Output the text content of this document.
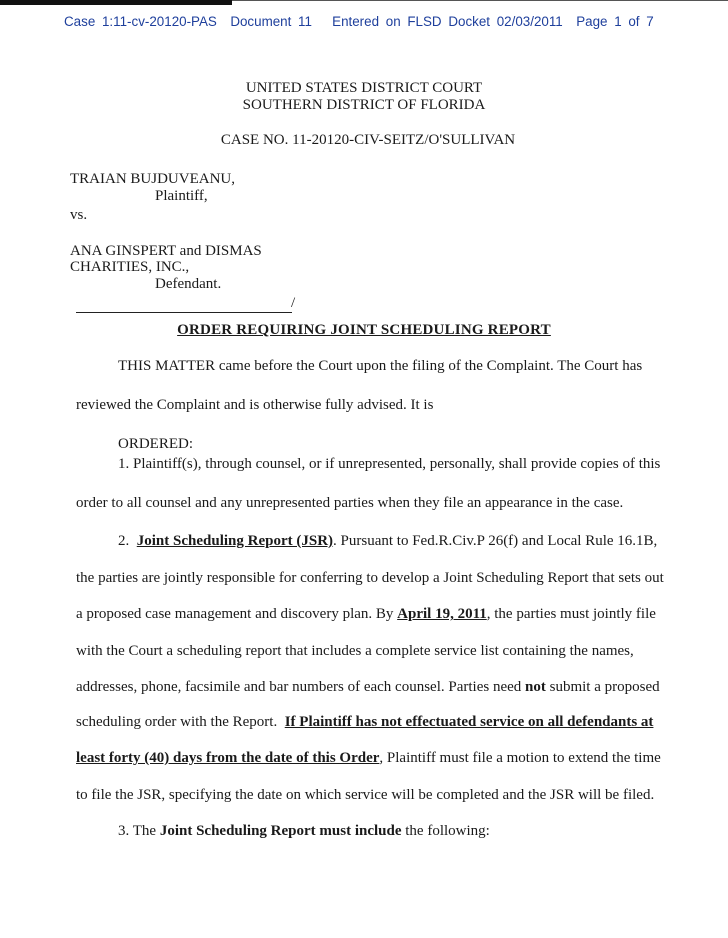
Case 1:11-cv-20120-PAS Document 11 Entered on FLSD Docket 02/03/2011 Page 1 of 7
UNITED STATES DISTRICT COURT
SOUTHERN DISTRICT OF FLORIDA
CASE NO. 11-20120-CIV-SEITZ/O'SULLIVAN
TRAIAN BUJDUVEANU,
Plaintiff,
vs.
ANA GINSPERT and DISMAS
CHARITIES, INC.,
Defendant.
/
ORDER REQUIRING JOINT SCHEDULING REPORT
THIS MATTER came before the Court upon the filing of the Complaint. The Court has
reviewed the Complaint and is otherwise fully advised. It is
ORDERED:
1. Plaintiff(s), through counsel, or if unrepresented, personally, shall provide copies of this
order to all counsel and any unrepresented parties when they file an appearance in the case.
2. Joint Scheduling Report (JSR). Pursuant to Fed.R.Civ.P 26(f) and Local Rule 16.1B,
the parties are jointly responsible for conferring to develop a Joint Scheduling Report that sets out
a proposed case management and discovery plan. By April 19, 2011, the parties must jointly file
with the Court a scheduling report that includes a complete service list containing the names,
addresses, phone, facsimile and bar numbers of each counsel. Parties need not submit a proposed
scheduling order with the Report. If Plaintiff has not effectuated service on all defendants at
least forty (40) days from the date of this Order, Plaintiff must file a motion to extend the time
to file the JSR, specifying the date on which service will be completed and the JSR will be filed.
3. The Joint Scheduling Report must include the following:
